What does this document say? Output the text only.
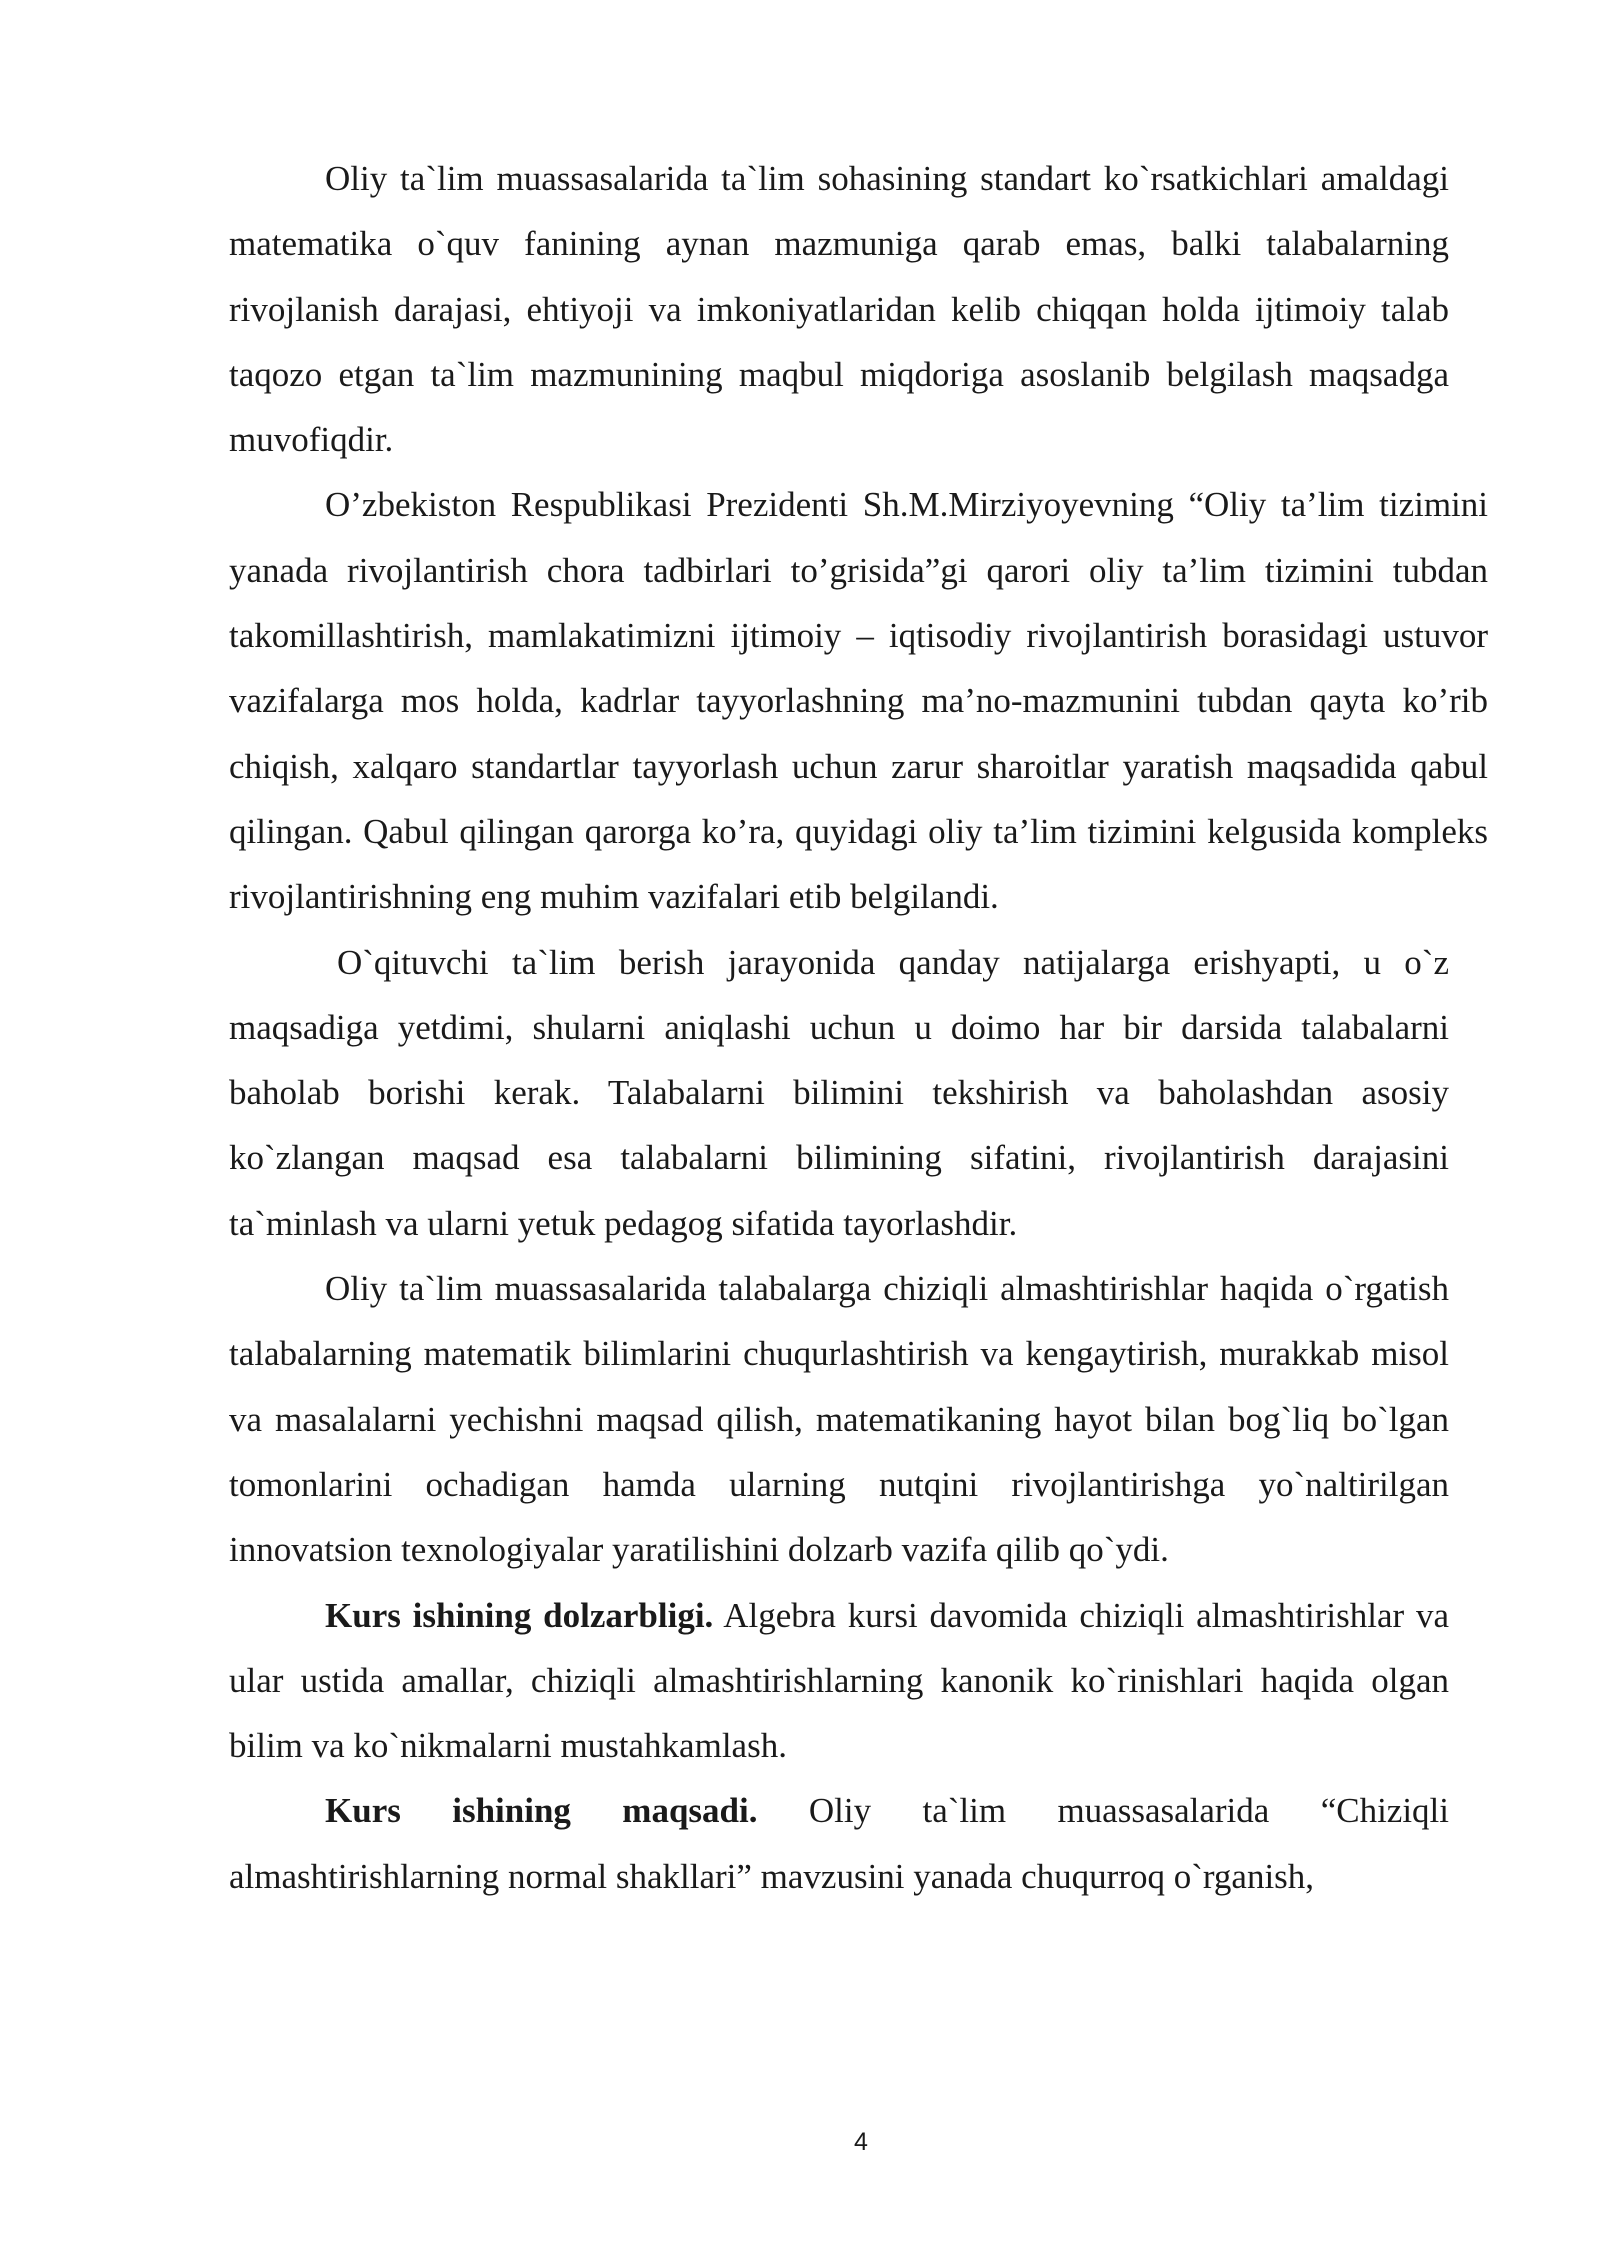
Oliy ta`lim muassasalarida ta`lim sohasining standart ko`rsatkichlari amaldagi matematika o`quv fanining aynan mazmuniga qarab emas, balki talabalarning rivojlanish darajasi, ehtiyoji va imkoniyatlaridan kelib chiqqan holda ijtimoiy talab taqozo etgan ta`lim mazmunining maqbul miqdoriga asoslanib belgilash maqsadga muvofiqdir.

O’zbekiston Respublikasi Prezidenti Sh.M.Mirziyoyevning “Oliy ta’lim tizimini yanada rivojlantirish chora tadbirlari to’grisida”gi qarori oliy ta’lim tizimini tubdan takomillashtirish, mamlakatimizni ijtimoiy – iqtisodiy rivojlantirish borasidagi ustuvor vazifalarga mos holda, kadrlar tayyorlashning ma’no-mazmunini tubdan qayta ko’rib chiqish, xalqaro standartlar tayyorlash uchun zarur sharoitlar yaratish maqsadida qabul qilingan. Qabul qilingan qarorga ko’ra, quyidagi oliy ta’lim tizimini kelgusida kompleks rivojlantirishning eng muhim vazifalari etib belgilandi.

O`qituvchi ta`lim berish jarayonida qanday natijalarga erishyapti, u o`z maqsadiga yetdimi, shularni aniqlashi uchun u doimo har bir darsida talabalarni baholab borishi kerak. Talabalarni bilimini tekshirish va baholashdan asosiy ko`zlangan maqsad esa talabalarni bilimining sifatini, rivojlantirish darajasini ta`minlash va ularni yetuk pedagog sifatida tayorlashdir.

Oliy ta`lim muassasalarida talabalarga chiziqli almashtirishlar haqida o`rgatish talabalarning matematik bilimlarini chuqurlashtirish va kengaytirish, murakkab misol va masalalarni yechishni maqsad qilish, matematikaning hayot bilan bog`liq bo`lgan tomonlarini ochadigan hamda ularning nutqini rivojlantirishga yo`naltirilgan innovatsion texnologiyalar yaratilishini dolzarb vazifa qilib qo`ydi.

Kurs ishining dolzarbligi. Algebra kursi davomida chiziqli almashtirishlar va ular ustida amallar, chiziqli almashtirishlarning kanonik ko`rinishlari haqida olgan bilim va ko`nikmalarni mustahkamlash.

Kurs ishining maqsadi. Oliy ta`lim muassasalarida “Chiziqli almashtirishlarning normal shakllari” mavzusini yanada chuqurroq o`rganish,

4
